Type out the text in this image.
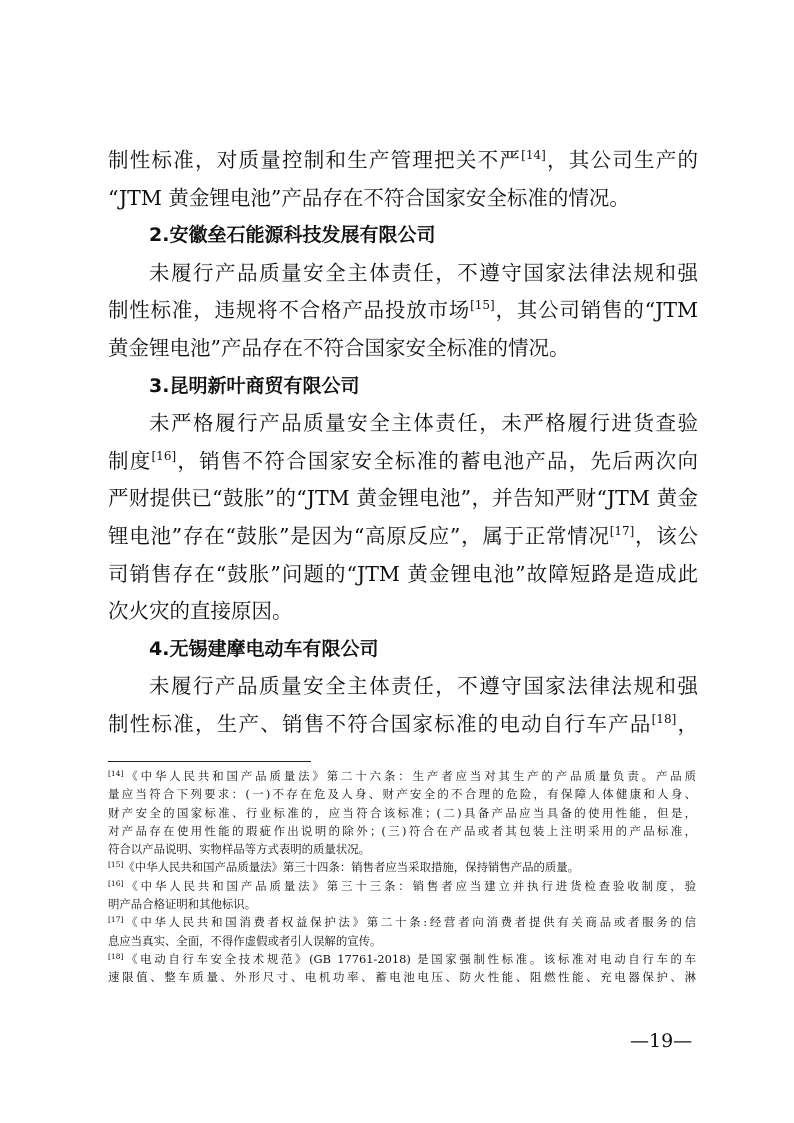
制性标准，对质量控制和生产管理把关不严[14]，其公司生产的
“JTM 黄金锂电池”产品存在不符合国家安全标准的情况。
2.安徽垒石能源科技发展有限公司
未履行产品质量安全主体责任，不遵守国家法律法规和强
制性标准，违规将不合格产品投放市场[15]，其公司销售的“JTM
黄金锂电池”产品存在不符合国家安全标准的情况。
3.昆明新叶商贸有限公司
未严格履行产品质量安全主体责任，未严格履行进货查验
制度[16]，销售不符合国家安全标准的蓄电池产品，先后两次向
严财提供已“鼓胀”的“JTM 黄金锂电池”，并告知严财“JTM 黄金
锂电池”存在“鼓胀”是因为“高原反应”，属于正常情况[17]，该公
司销售存在“鼓胀”问题的“JTM 黄金锂电池”故障短路是造成此
次火灾的直接原因。
4.无锡建摩电动车有限公司
未履行产品质量安全主体责任，不遵守国家法律法规和强
制性标准，生产、销售不符合国家标准的电动自行车产品[18]，
[14]《中华人民共和国产品质量法》第二十六条：生产者应当对其生产的产品质量负责。产品质
量应当符合下列要求：(一)不存在危及人身、财产安全的不合理的危险，有保障人体健康和人身、
财产安全的国家标准、行业标准的，应当符合该标准；(二)具备产品应当具备的使用性能，但是，
对产品存在使用性能的瑕疵作出说明的除外；(三)符合在产品或者其包装上注明采用的产品标准，
符合以产品说明、实物样品等方式表明的质量状况。
[15]《中华人民共和国产品质量法》第三十四条：销售者应当采取措施，保持销售产品的质量。
[16]《中华人民共和国产品质量法》第三十三条：销售者应当建立并执行进货检查验收制度，验
明产品合格证明和其他标识。
[17]《中华人民共和国消费者权益保护法》第二十条:经营者向消费者提供有关商品或者服务的信
息应当真实、全面，不得作虚假或者引人误解的宣传。
[18]《电动自行车安全技术规范》(GB 17761-2018) 是国家强制性标准。该标准对电动自行车的车
速限值、整车质量、外形尺寸、电机功率、蓄电池电压、防火性能、阻燃性能、充电器保护、淋
—19—
